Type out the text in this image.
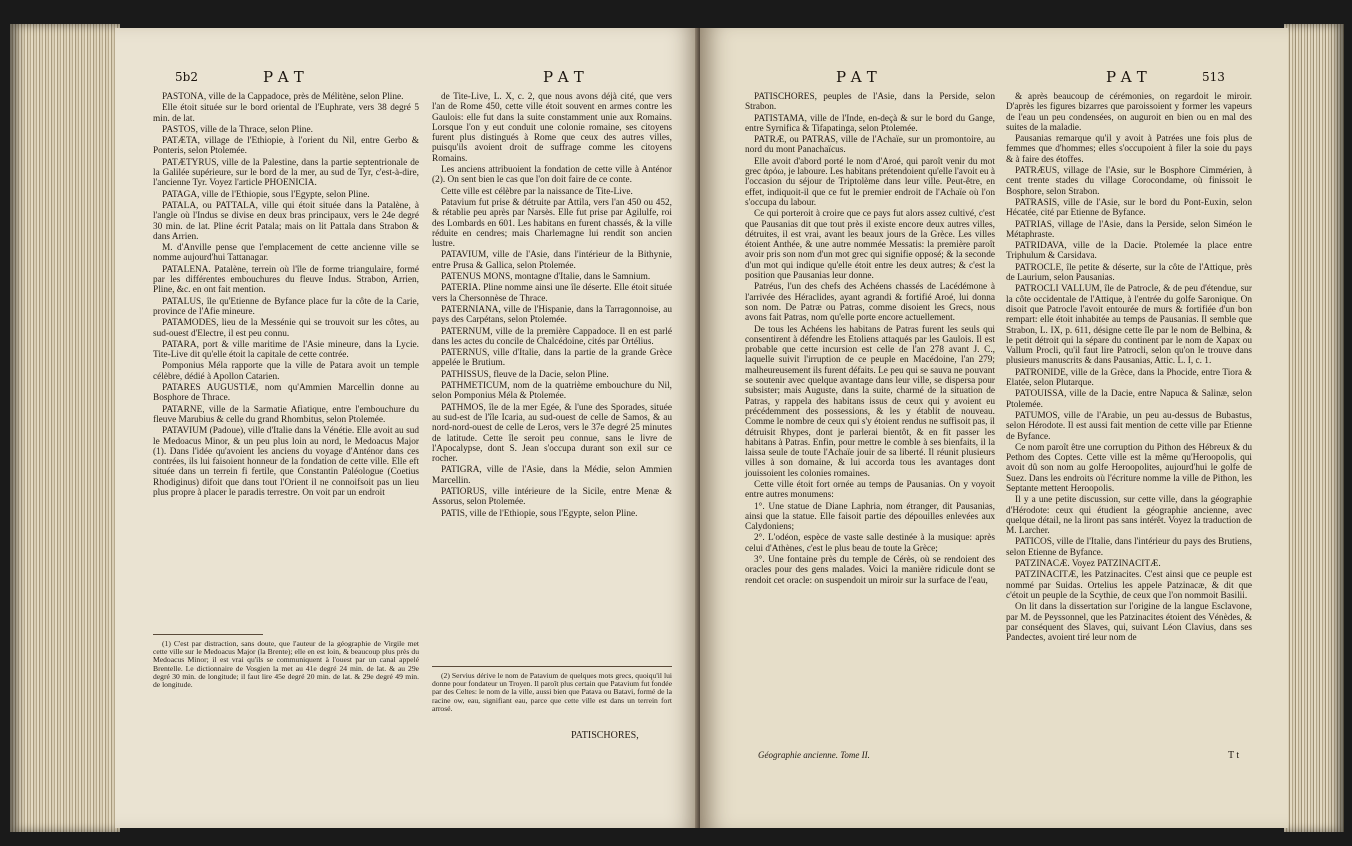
5b2	PAT	PAT

PASTONA, ville de la Cappadoce, près de Mélitène, selon Pline.

Elle étoit située sur le bord oriental de l'Euphrate, vers 38 degré 5 min. de lat.

PASTOS, ville de la Thrace, selon Pline.

PATÆTA, village de l'Ethiopie, à l'orient du Nil, entre Gerbo & Ponteris, selon Ptolemée.

PATÆTYRUS, ville de la Palestine, dans la partie septentrionale de la Galilée supérieure, sur le bord de la mer, au sud de Tyr, c'est-à-dire, l'ancienne Tyr. Voyez l'article PHOENICIA.

PATAGA, ville de l'Ethiopie, sous l'Egypte, selon Pline.

PATALA, ou PATTALA, ville qui étoit située dans la Patalène, à l'angle où l'Indus se divise en deux bras principaux, vers le 24e degré 30 min. de lat. Pline écrit Patala; mais on lit Pattala dans Strabon & dans Arrien.

M. d'Anville pense que l'emplacement de cette ancienne ville se nomme aujourd'hui Tattanagar.

PATALENA. Patalène, terrein où l'île de forme triangulaire, formé par les différentes embouchures du fleuve Indus. Strabon, Arrien, Pline, &c. en ont fait mention.

PATALUS, île qu'Etienne de Byfance place fur la côte de la Carie, province de l'Afie mineure.

PATAMODES, lieu de la Messénie qui se trouvoit sur les côtes, au sud-ouest d'Electre, il est peu connu.

PATARA, port & ville maritime de l'Asie mineure, dans la Lycie. Tite-Live dit qu'elle étoit la capitale de cette contrée.

Pomponius Méla rapporte que la ville de Patara avoit un temple célèbre, dédié à Apollon Catarien.

PATARES AUGUSTIÆ, nom qu'Ammien Marcellin donne au Bosphore de Thrace.

PATARNE, ville de la Sarmatie Afiatique, entre l'embouchure du fleuve Marubius & celle du grand Rhombitus, selon Ptolemée.

PATAVIUM (Padoue), ville d'Italie dans la Vénétie. Elle avoit au sud le Medoacus Minor, & un peu plus loin au nord, le Medoacus Major (1). Dans l'idée qu'avoient les anciens du voyage d'Anténor dans ces contrées, ils lui faisoient honneur de la fondation de cette ville. Elle eft située dans un terrein fi fertile, que Constantin Paléologue (Coetius Rhodiginus) difoit que dans tout l'Orient il ne connoifsoit pas un lieu plus propre à placer le paradis terrestre. On voit par un endroit

(1) C'est par distraction, sans doute, que l'auteur de la géographie de Virgile met cette ville sur le Medoacus Major (la Brente); elle en est loin, & beaucoup plus près du Medoacus Minor; il est vrai qu'ils se communiquent à l'ouest par un canal appelé Brentelle. Le dictionnaire de Vosgien la met au 41e degré 24 min. de lat. & au 29e degré 30 min. de longitude; il faut lire 45e degré 20 min. de lat. & 29e degré 49 min. de longitude.

de Tite-Live, L. X, c. 2, que nous avons déjà cité, que vers l'an de Rome 450, cette ville étoit souvent en armes contre les Gaulois: elle fut dans la suite constamment unie aux Romains. Lorsque l'on y eut conduit une colonie romaine, ses citoyens furent plus distingués à Rome que ceux des autres villes, puisqu'ils avoient droit de suffrage comme les citoyens Romains.

Les anciens attribuoient la fondation de cette ville à Anténor (2). On sent bien le cas que l'on doit faire de ce conte.

Cette ville est célèbre par la naissance de Tite-Live.

Patavium fut prise & détruite par Attila, vers l'an 450 ou 452, & rétablie peu après par Narsès. Elle fut prise par Agilulfe, roi des Lombards en 601. Les habitans en furent chassés, & la ville réduite en cendres; mais Charlemagne lui rendit son ancien lustre.

PATAVIUM, ville de l'Asie, dans l'intérieur de la Bithynie, entre Prusa & Gallica, selon Ptolemée.

PATENUS MONS, montagne d'Italie, dans le Samnium.

PATERIA. Pline nomme ainsi une île déserte. Elle étoit située vers la Chersonnèse de Thrace.

PATERNIANA, ville de l'Hispanie, dans la Tarragonnoise, au pays des Carpétans, selon Ptolemée.

PATERNUM, ville de la première Cappadoce. Il en est parlé dans les actes du concile de Chalcédoine, cités par Ortélius.

PATERNUS, ville d'Italie, dans la partie de la grande Grèce appelée le Brutium.

PATHISSUS, fleuve de la Dacie, selon Pline.

PATHMETICUM, nom de la quatrième embouchure du Nil, selon Pomponius Méla & Ptolemée.

PATHMOS, île de la mer Egée, & l'une des Sporades, située au sud-est de l'île Icaria, au sud-ouest de celle de Samos, & au nord-nord-ouest de celle de Leros, vers le 37e degré 25 minutes de latitude. Cette île seroit peu connue, sans le livre de l'Apocalypse, dont S. Jean s'occupa durant son exil sur ce rocher.

PATIGRA, ville de l'Asie, dans la Médie, selon Ammien Marcellin.

PATIORUS, ville intérieure de la Sicile, entre Menæ & Assorus, selon Ptolemée.

PATIS, ville de l'Ethiopie, sous l'Egypte, selon Pline.

(2) Servius dérive le nom de Patavium de quelques mots grecs, quoiqu'il lui donne pour fondateur un Troyen. Il paroît plus certain que Patavium fut fondée par des Celtes: le nom de la ville, aussi bien que Patava ou Batavi, formé de la racine ow, eau, signifiant eau, parce que cette ville est dans un terrein fort arrosé.

PATISCHORES,
PAT	PAT	513

PATISCHORES, peuples de l'Asie, dans la Perside, selon Strabon.

PATISTAMA, ville de l'Inde, en-deçà & sur le bord du Gange, entre Syrnifica & Tifapatinga, selon Ptolemée.

PATRÆ, ou PATRAS, ville de l'Achaïe, sur un promontoire, au nord du mont Panachaïcus.

Elle avoit d'abord porté le nom d'Aroé, qui paroît venir du mot grec ἀρόω, je laboure. Les habitans prétendoient qu'elle l'avoit eu à l'occasion du séjour de Triptolème dans leur ville. Peut-être, en effet, indiquoit-il que ce fut le premier endroit de l'Achaïe où l'on s'occupa du labour.

Ce qui porteroit à croire que ce pays fut alors assez cultivé, c'est que Pausanias dit que tout près il existe encore deux autres villes, détruites, il est vrai, avant les beaux jours de la Grèce. Les villes étoient Anthée, & une autre nommée Messatis: la première paroît avoir pris son nom d'un mot grec qui signifie opposé; & la seconde d'un mot qui indique qu'elle étoit entre les deux autres; & c'est la position que Pausanias leur donne.

Patréus, l'un des chefs des Achéens chassés de Lacédémone à l'arrivée des Héraclides, ayant agrandi & fortifié Aroé, lui donna son nom. De Patræ ou Patras, comme disoient les Grecs, nous avons fait Patras, nom qu'elle porte encore actuellement.

De tous les Achéens les habitans de Patras furent les seuls qui consentirent à défendre les Etoliens attaqués par les Gaulois. Il est probable que cette incursion est celle de l'an 278 avant J. C., laquelle suivit l'irruption de ce peuple en Macédoine, l'an 279; malheureusement ils furent défaits. Le peu qui se sauva ne pouvant se soutenir avec quelque avantage dans leur ville, se dispersa pour subsister; mais Auguste, dans la suite, charmé de la situation de Patras, y rappela des habitans issus de ceux qui y avoient eu précédemment des possessions, & les y établit de nouveau. Comme le nombre de ceux qui s'y étoient rendus ne suffisoit pas, il détruisit Rhypes, dont je parlerai bientôt, & en fit passer les habitans à Patras. Enfin, pour mettre le comble à ses bienfaits, il la laissa seule de toute l'Achaïe jouir de sa liberté. Il réunit plusieurs villes à son domaine, & lui accorda tous les avantages dont jouissoient les colonies romaines.

Cette ville étoit fort ornée au temps de Pausanias. On y voyoit entre autres monumens:

1°. Une statue de Diane Laphria, nom étranger, dit Pausanias, ainsi que la statue. Elle faisoit partie des dépouilles enlevées aux Calydoniens;

2°. L'odéon, espèce de vaste salle destinée à la musique: après celui d'Athènes, c'est le plus beau de toute la Grèce;

3°. Une fontaine près du temple de Cérès, où se rendoient des oracles pour des gens malades. Voici la manière ridicule dont se rendoit cet oracle: on suspendoit un miroir sur la surface de l'eau,

Géographie ancienne. Tome II.

& après beaucoup de cérémonies, on regardoit le miroir. D'après les figures bizarres que paroissoient y former les vapeurs de l'eau un peu condensées, on auguroit en bien ou en mal des suites de la maladie.

Pausanias remarque qu'il y avoit à Patrées une fois plus de femmes que d'hommes; elles s'occupoient à filer la soie du pays & à faire des étoffes.

PATRÆUS, village de l'Asie, sur le Bosphore Cimmérien, à cent trente stades du village Corocondame, où finissoit le Bosphore, selon Strabon.

PATRASIS, ville de l'Asie, sur le bord du Pont-Euxin, selon Hécatée, cité par Etienne de Byfance.

PATRIAS, village de l'Asie, dans la Perside, selon Siméon le Métaphraste.

PATRIDAVA, ville de la Dacie. Ptolemée la place entre Triphulum & Carsidava.

PATROCLE, île petite & déserte, sur la côte de l'Attique, près de Laurium, selon Pausanias.

PATROCLI VALLUM, île de Patrocle, & de peu d'étendue, sur la côte occidentale de l'Attique, à l'entrée du golfe Saronique. On disoit que Patrocle l'avoit entourée de murs & fortifiée d'un bon rempart: elle étoit inhabitée au temps de Pausanias. Il semble que Strabon, L. IX, p. 611, désigne cette île par le nom de Belbina, & le petit détroit qui la sépare du continent par le nom de Xapax ou Vallum Procli, qu'il faut lire Patrocli, selon qu'on le trouve dans plusieurs manuscrits & dans Pausanias, Attic. L. I, c. 1.

PATRONIDE, ville de la Grèce, dans la Phocide, entre Tiora & Elatée, selon Plutarque.

PATOUISSA, ville de la Dacie, entre Napuca & Salinæ, selon Ptolemée.

PATUMOS, ville de l'Arabie, un peu au-dessus de Bubastus, selon Hérodote. Il est aussi fait mention de cette ville par Etienne de Byfance.

Ce nom paroît être une corruption du Pithon des Hébreux & du Pethom des Coptes. Cette ville est la même qu'Heroopolis, qui avoit dû son nom au golfe Heroopolites, aujourd'hui le golfe de Suez. Dans les endroits où l'écriture nomme la ville de Pithon, les Septante mettent Heroopolis.

Il y a une petite discussion, sur cette ville, dans la géographie d'Hérodote: ceux qui étudient la géographie ancienne, avec quelque détail, ne la liront pas sans intérêt. Voyez la traduction de M. Larcher.

PATICOS, ville de l'Italie, dans l'intérieur du pays des Brutiens, selon Etienne de Byfance.

PATZINACÆ. Voyez PATZINACITÆ.

PATZINACITÆ, les Patzinacites. C'est ainsi que ce peuple est nommé par Suidas. Ortelius les appele Patzinacæ, & dit que c'étoit un peuple de la Scythie, de ceux que l'on nommoit Basilii.

On lit dans la dissertation sur l'origine de la langue Esclavone, par M. de Peyssonnel, que les Patzinacites étoient des Vénèdes, & par conséquent des Slaves, qui, suivant Léon Clavius, dans ses Pandectes, avoient tiré leur nom de

T t
